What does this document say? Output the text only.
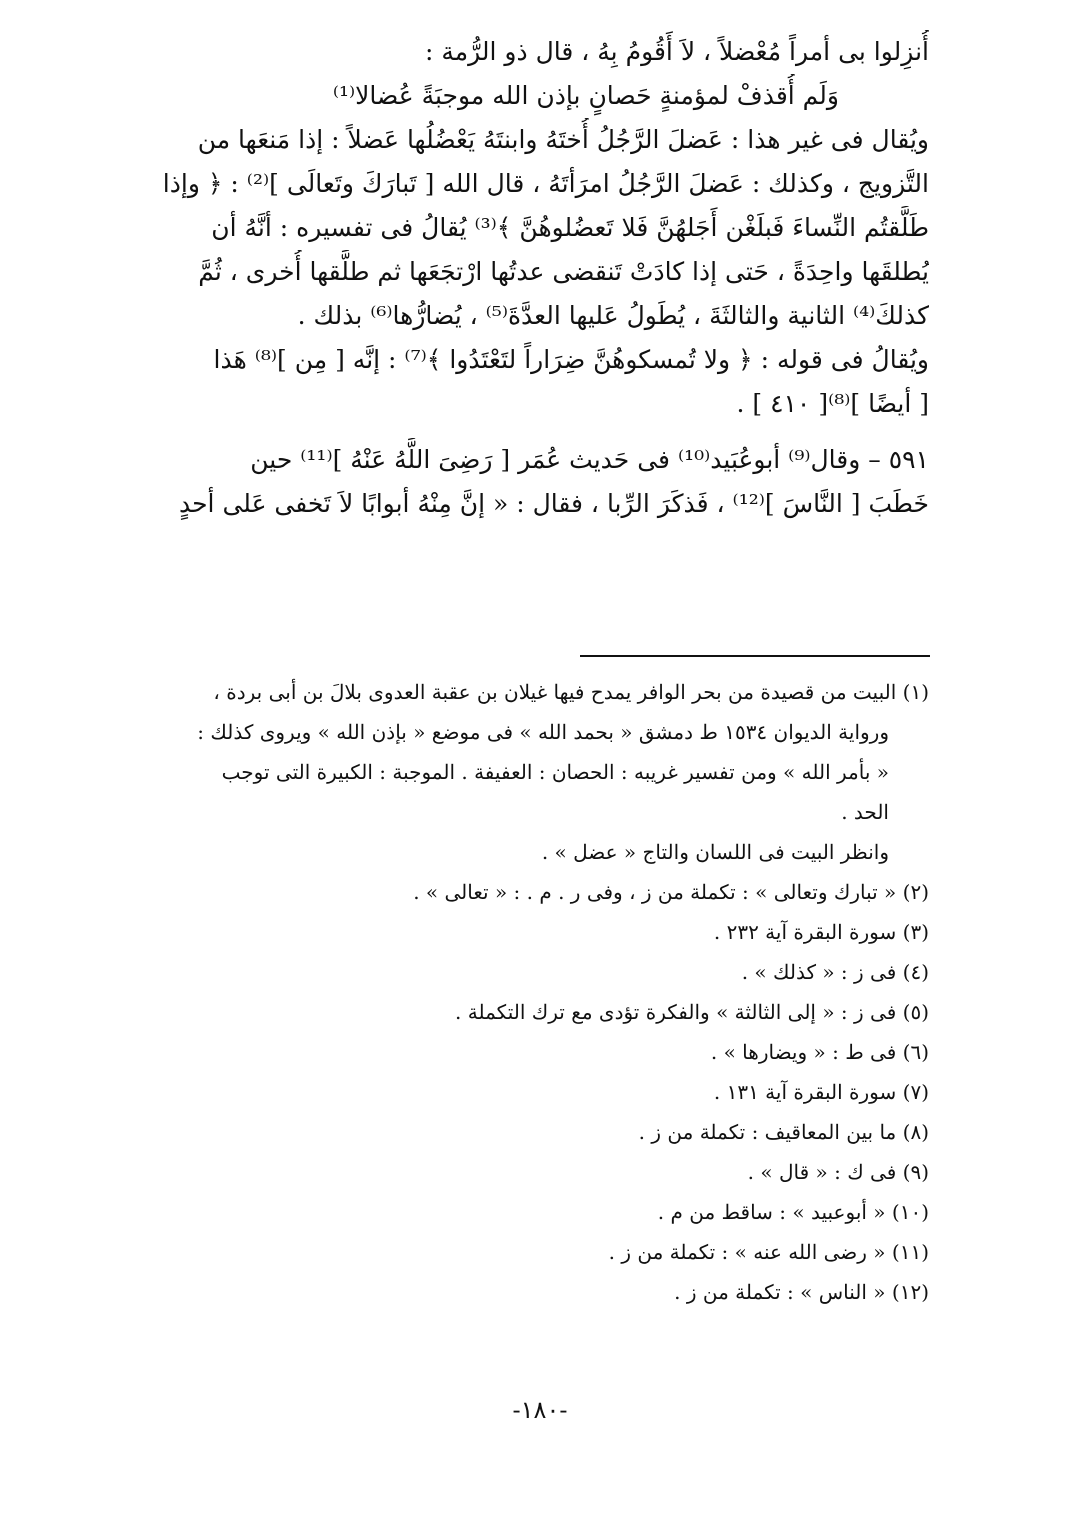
أُنزِلوا بى أمراً مُعْضلاً ، لاَ أَقُومُ بِهُ ، قال ذو الرُّمة :
وَلَم أُقذفْ لمؤمنةٍ حَصانٍ بإذن الله موجبَةً عُضالا⁽¹⁾
ويُقال فى غير هذا : عَضلَ الرَّجُلُ أُختَهُ وابنتَهُ يَعْضُلُها عَضلاً : إذا مَنعَها من
التَّزويج ، وكذلك : عَضلَ الرَّجُلُ امرَأتَهُ ، قال الله [ تَبارَكَ وتَعالَى ]⁽²⁾ : ﴿ وإذا
طَلَّقتُم النِّساءَ فَبلَغْن أَجَلهُنَّ فَلا تَعضُلوهُنَّ ﴾⁽³⁾ يُقالُ فى تفسيره : أنَّهُ أن
يُطلقَها واحِدَةً ، حَتى إذا كادَتْ تَنقضى عدتُها ارْتجَعَها ثم طلَّقها أُخرى ، ثُمَّ
كذلكَ⁽⁴⁾ الثانية والثالثَةَ ، يُطَولُ عَليها العدَّةَ⁽⁵⁾ ، يُضارُّها⁽⁶⁾ بذلك .
ويُقالُ فى قوله : ﴿ ولا تُمسكوهُنَّ ضِرَاراً لتَعْتَدُوا ﴾⁽⁷⁾ : إنَّه [ مِن ]⁽⁸⁾ هَذا
[ أيضًا ]⁽⁸⁾[ ٤١٠ ] .
٥٩١ – وقال⁽⁹⁾ أبوعُبَيد⁽¹⁰⁾ فى حَديث عُمَر [ رَضِىَ اللَّهُ عَنْهُ ]⁽¹¹⁾ حين
خَطَبَ [ النَّاسَ ]⁽¹²⁾ ، فَذكَرَ الرِّبا ، فقال : « إنَّ مِنْهُ أبوابًا لاَ تَخفى عَلى أحدٍ
(١) البيت من قصيدة من بحر الوافر يمدح فيها غيلان بن عقبة العدوى بلالَ بن أبى بردة ،
ورواية الديوان ١٥٣٤ ط دمشق « بحمد الله » فى موضع « بإذن الله » ويروى كذلك :
« بأمر الله » ومن تفسير غريبه : الحصان : العفيفة . الموجبة : الكبيرة التى توجب
الحد .
وانظر البيت فى اللسان والتاج « عضل » .
(٢) « تبارك وتعالى » : تكملة من ز ، وفى ر . م . : « تعالى » .
(٣) سورة البقرة آية ٢٣٢ .
(٤) فى ز : « كذلك » .
(٥) فى ز : « إلى الثالثة » والفكرة تؤدى مع ترك التكملة .
(٦) فى ط : « ويضارها » .
(٧) سورة البقرة آية ١٣١ .
(٨) ما بين المعاقيف : تكملة من ز .
(٩) فى ك : « قال » .
(١٠) « أبوعبيد » : ساقط من م .
(١١) « رضى الله عنه » : تكملة من ز .
(١٢) « الناس » : تكملة من ز .
-١٨٠-
